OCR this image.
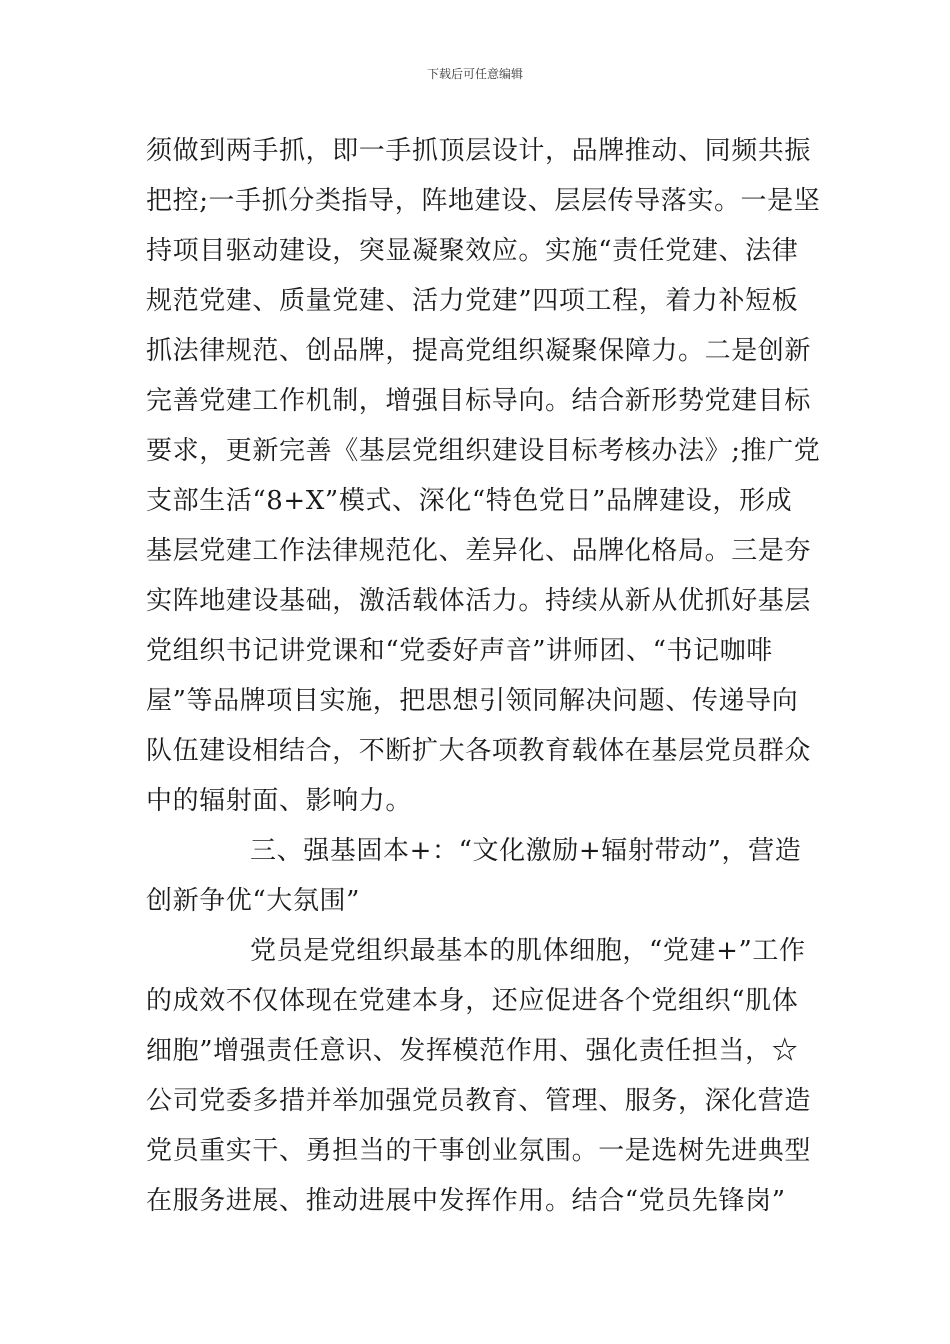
下载后可任意编辑
须做到两手抓，即一手抓顶层设计，品牌推动、同频共振
把控;一手抓分类指导，阵地建设、层层传导落实。一是坚
持项目驱动建设，突显凝聚效应。实施“责任党建、法律
规范党建、质量党建、活力党建”四项工程，着力补短板
抓法律规范、创品牌，提高党组织凝聚保障力。二是创新
完善党建工作机制，增强目标导向。结合新形势党建目标
要求，更新完善《基层党组织建设目标考核办法》;推广党
支部生活“8+X”模式、深化“特色党日”品牌建设，形成
基层党建工作法律规范化、差异化、品牌化格局。三是夯
实阵地建设基础，激活载体活力。持续从新从优抓好基层
党组织书记讲党课和“党委好声音”讲师团、“书记咖啡
屋”等品牌项目实施，把思想引领同解决问题、传递导向
队伍建设相结合，不断扩大各项教育载体在基层党员群众
中的辐射面、影响力。
三、强基固本+：“文化激励+辐射带动”，营造
创新争优“大氛围”
党员是党组织最基本的肌体细胞，“党建+”工作
的成效不仅体现在党建本身，还应促进各个党组织“肌体
细胞”增强责任意识、发挥模范作用、强化责任担当，☆
公司党委多措并举加强党员教育、管理、服务，深化营造
党员重实干、勇担当的干事创业氛围。一是选树先进典型
在服务进展、推动进展中发挥作用。结合“党员先锋岗”
